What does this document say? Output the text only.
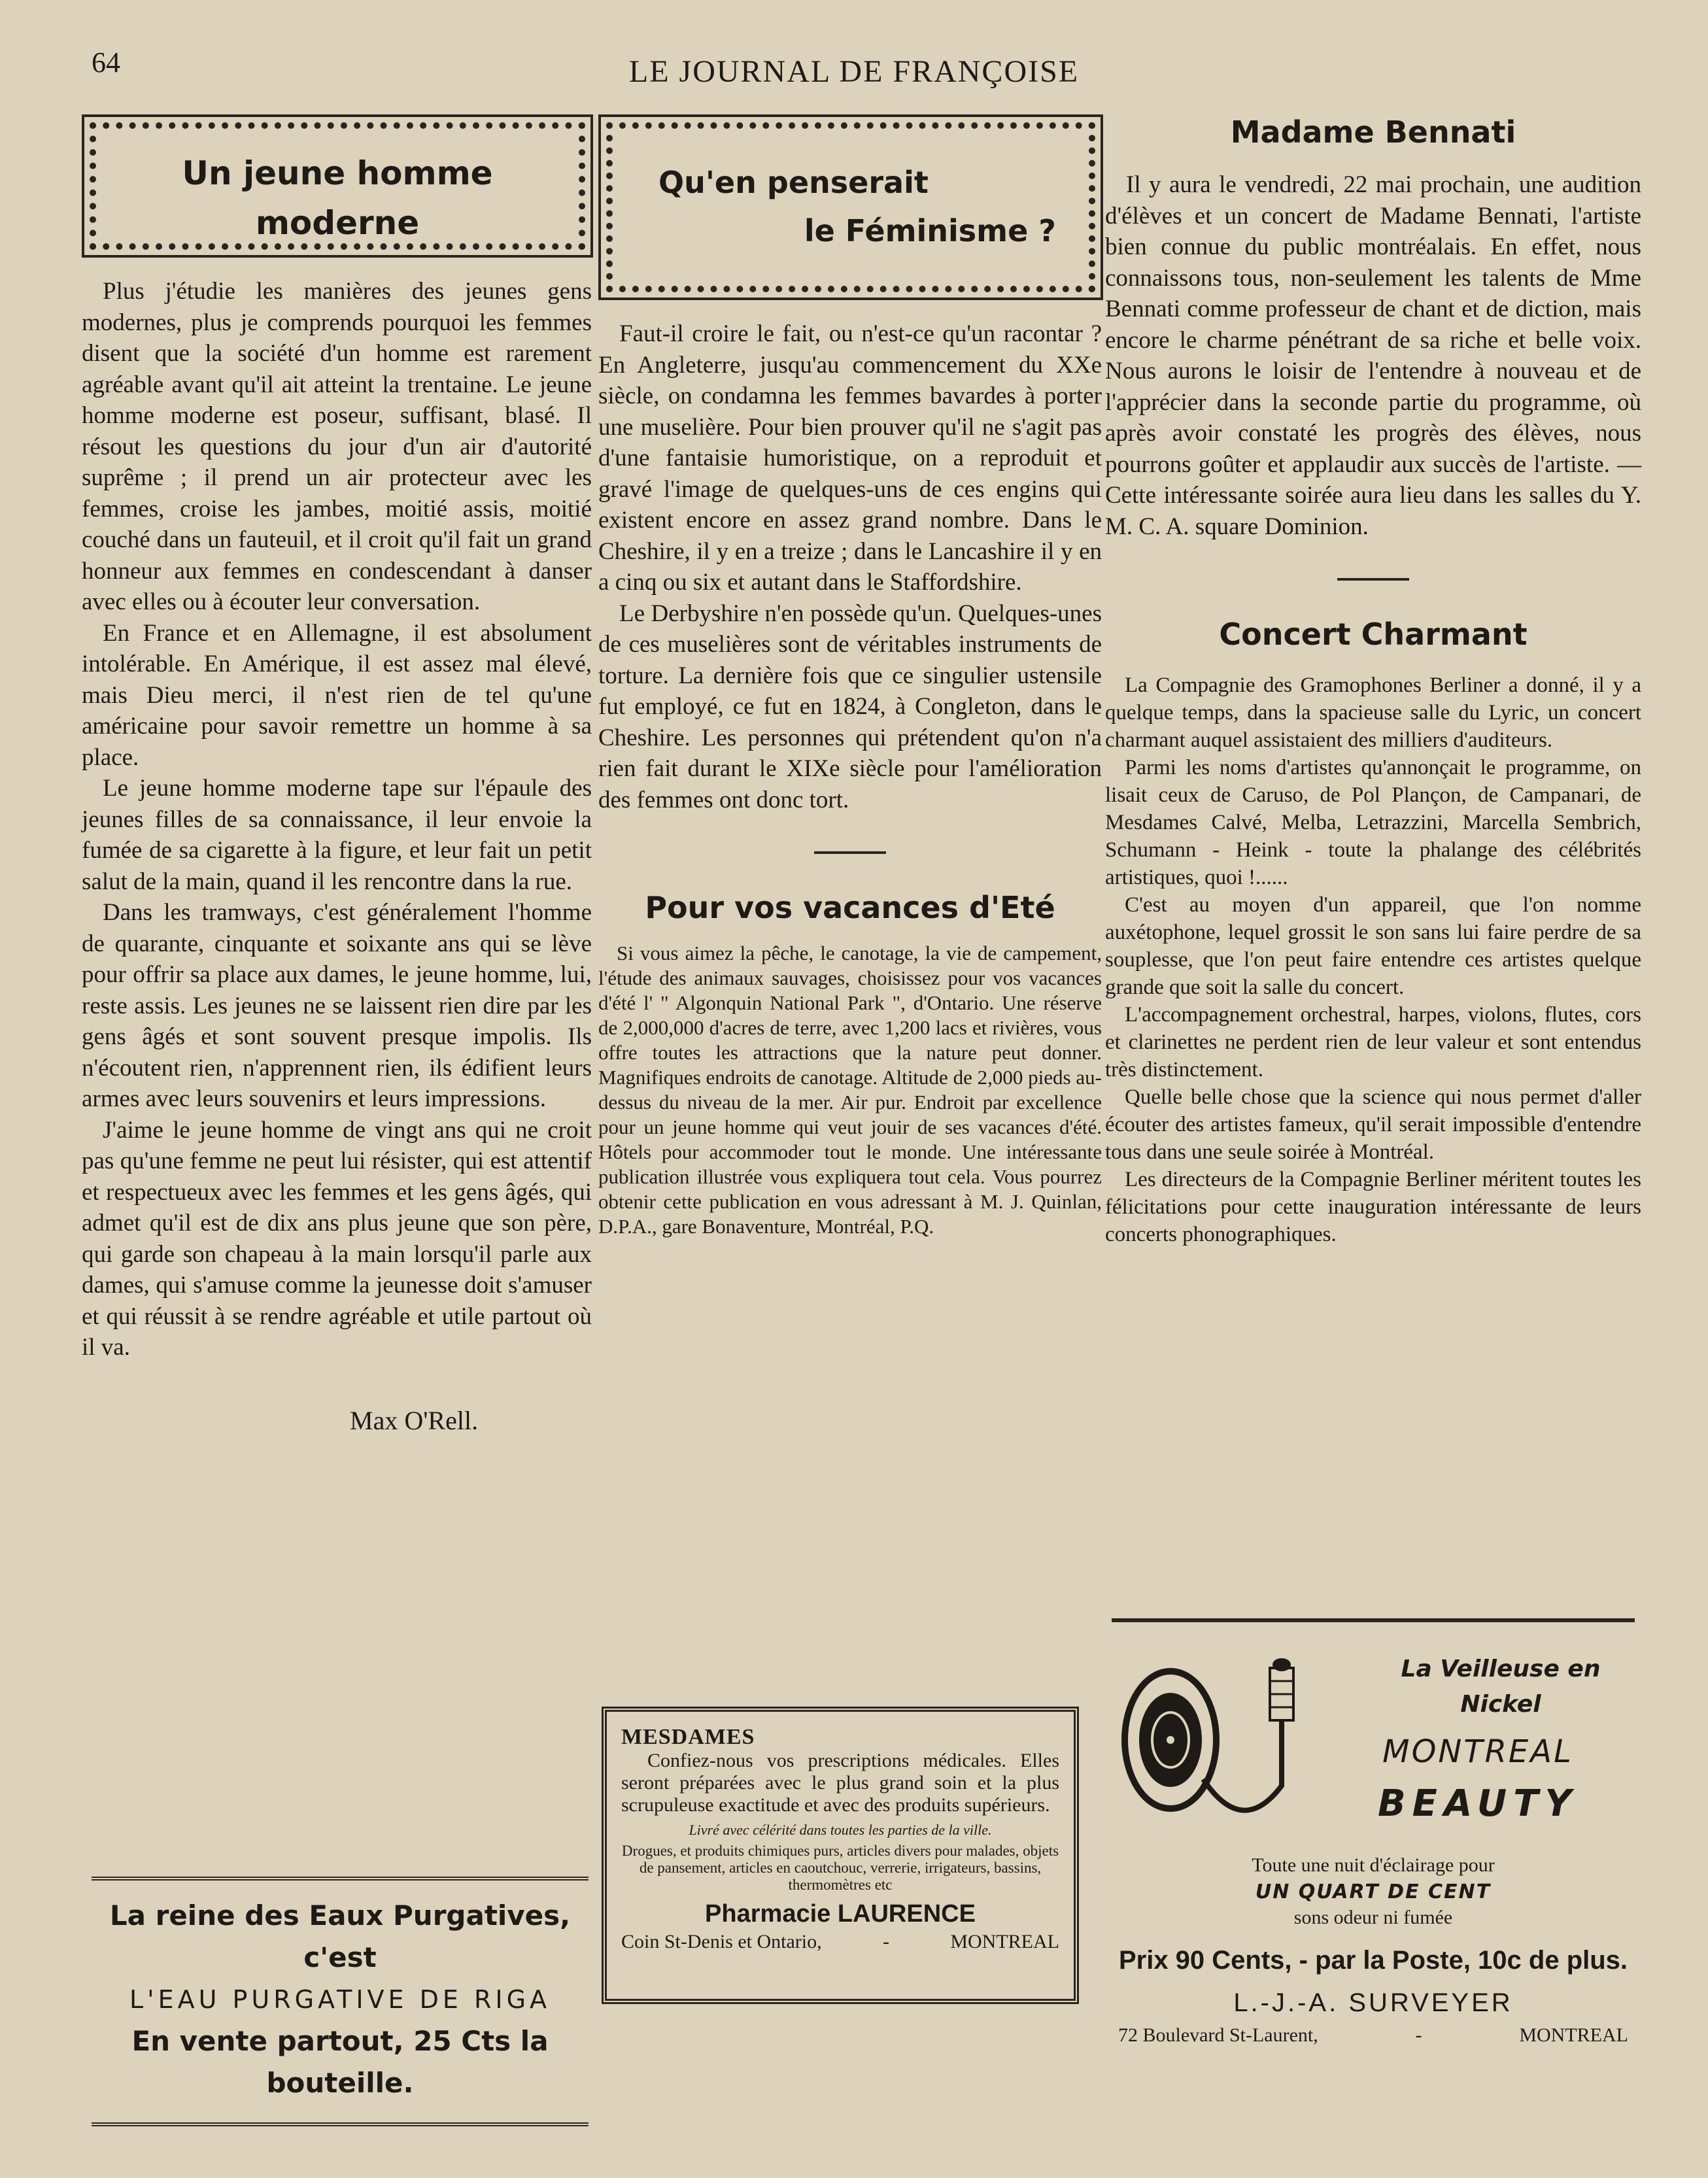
64	LE JOURNAL DE FRANÇOISE
Un jeune homme
moderne

Plus j'étudie les manières des jeunes gens modernes, plus je comprends pourquoi les femmes disent que la société d'un homme est rarement agréable avant qu'il ait atteint la trentaine. Le jeune homme moderne est poseur, suffisant, blasé. Il résout les questions du jour d'un air d'autorité suprême ; il prend un air protecteur avec les femmes, croise les jambes, moitié assis, moitié couché dans un fauteuil, et il croit qu'il fait un grand honneur aux femmes en condescendant à danser avec elles ou à écouter leur conversation.

En France et en Allemagne, il est absolument intolérable. En Amérique, il est assez mal élevé, mais Dieu merci, il n'est rien de tel qu'une américaine pour savoir remettre un homme à sa place.

Le jeune homme moderne tape sur l'épaule des jeunes filles de sa connaissance, il leur envoie la fumée de sa cigarette à la figure, et leur fait un petit salut de la main, quand il les rencontre dans la rue.

Dans les tramways, c'est généralement l'homme de quarante, cinquante et soixante ans qui se lève pour offrir sa place aux dames, le jeune homme, lui, reste assis. Les jeunes ne se laissent rien dire par les gens âgés et sont souvent presque impolis. Ils n'écoutent rien, n'apprennent rien, ils édifient leurs armes avec leurs souvenirs et leurs impressions.

J'aime le jeune homme de vingt ans qui ne croit pas qu'une femme ne peut lui résister, qui est attentif et respectueux avec les femmes et les gens âgés, qui admet qu'il est de dix ans plus jeune que son père, qui garde son chapeau à la main lorsqu'il parle aux dames, qui s'amuse comme la jeunesse doit s'amuser et qui réussit à se rendre agréable et utile partout où il va.

Max O'Rell.
La reine des Eaux Purgatives, c'est
L'EAU PURGATIVE DE RIGA
En vente partout, 25 Cts la bouteille.
Qu'en penserait
le Féminisme ?

Faut-il croire le fait, ou n'est-ce qu'un racontar ? En Angleterre, jusqu'au commencement du XXe siècle, on condamna les femmes bavardes à porter une muselière. Pour bien prouver qu'il ne s'agit pas d'une fantaisie humoristique, on a reproduit et gravé l'image de quelques-uns de ces engins qui existent encore en assez grand nombre. Dans le Cheshire, il y en a treize ; dans le Lancashire il y en a cinq ou six et autant dans le Staffordshire.

Le Derbyshire n'en possède qu'un. Quelques-unes de ces muselières sont de véritables instruments de torture. La dernière fois que ce singulier ustensile fut employé, ce fut en 1824, à Congleton, dans le Cheshire. Les personnes qui prétendent qu'on n'a rien fait durant le XIXe siècle pour l'amélioration des femmes ont donc tort.

Pour vos vacances d'Eté

Si vous aimez la pêche, le canotage, la vie de campement, l'étude des animaux sauvages, choisissez pour vos vacances d'été l' " Algonquin National Park ", d'Ontario. Une réserve de 2,000,000 d'acres de terre, avec 1,200 lacs et rivières, vous offre toutes les attractions que la nature peut donner. Magnifiques endroits de canotage. Altitude de 2,000 pieds au-dessus du niveau de la mer. Air pur. Endroit par excellence pour un jeune homme qui veut jouir de ses vacances d'été. Hôtels pour accommoder tout le monde. Une intéressante publication illustrée vous expliquera tout cela. Vous pourrez obtenir cette publication en vous adressant à M. J. Quinlan, D.P.A., gare Bonaventure, Montréal, P.Q.

MESDAMES
Confiez-nous vos prescriptions médicales. Elles seront préparées avec le plus grand soin et la plus scrupuleuse exactitude et avec des produits supérieurs.
Livré avec célérité dans toutes les parties de la ville.
Drogues, et produits chimiques purs, articles divers pour malades, objets de pansement, articles en caoutchouc, verrerie, irrigateurs, bassins, thermomètres etc
Pharmacie LAURENCE
Coin St-Denis et Ontario,	-	MONTREAL
Madame Bennati

Il y aura le vendredi, 22 mai prochain, une audition d'élèves et un concert de Madame Bennati, l'artiste bien connue du public montréalais. En effet, nous connaissons tous, non-seulement les talents de Mme Bennati comme professeur de chant et de diction, mais encore le charme pénétrant de sa riche et belle voix. Nous aurons le loisir de l'entendre à nouveau et de l'apprécier dans la seconde partie du programme, où après avoir constaté les progrès des élèves, nous pourrons goûter et applaudir aux succès de l'artiste. — Cette intéressante soirée aura lieu dans les salles du Y. M. C. A. square Dominion.

Concert Charmant

La Compagnie des Gramophones Berliner a donné, il y a quelque temps, dans la spacieuse salle du Lyric, un concert charmant auquel assistaient des milliers d'auditeurs.

Parmi les noms d'artistes qu'annonçait le programme, on lisait ceux de Caruso, de Pol Plançon, de Campanari, de Mesdames Calvé, Melba, Letrazzini, Marcella Sembrich, Schumann - Heink - toute la phalange des célébrités artistiques, quoi !......

C'est au moyen d'un appareil, que l'on nomme auxétophone, lequel grossit le son sans lui faire perdre de sa souplesse, que l'on peut faire entendre ces artistes quelque grande que soit la salle du concert.

L'accompagnement orchestral, harpes, violons, flutes, cors et clarinettes ne perdent rien de leur valeur et sont entendus très distinctement.

Quelle belle chose que la science qui nous permet d'aller écouter des artistes fameux, qu'il serait impossible d'entendre tous dans une seule soirée à Montréal.

Les directeurs de la Compagnie Berliner méritent toutes les félicitations pour cette inauguration intéressante de leurs concerts phonographiques.

La Veilleuse en
Nickel
MONTREAL
BEAUTY
Toute une nuit d'éclairage pour
UN QUART DE CENT
sons odeur ni fumée
Prix 90 Cents, - par la Poste, 10c de plus.
L.-J.-A. SURVEYER
72 Boulevard St-Laurent,	-	MONTREAL
